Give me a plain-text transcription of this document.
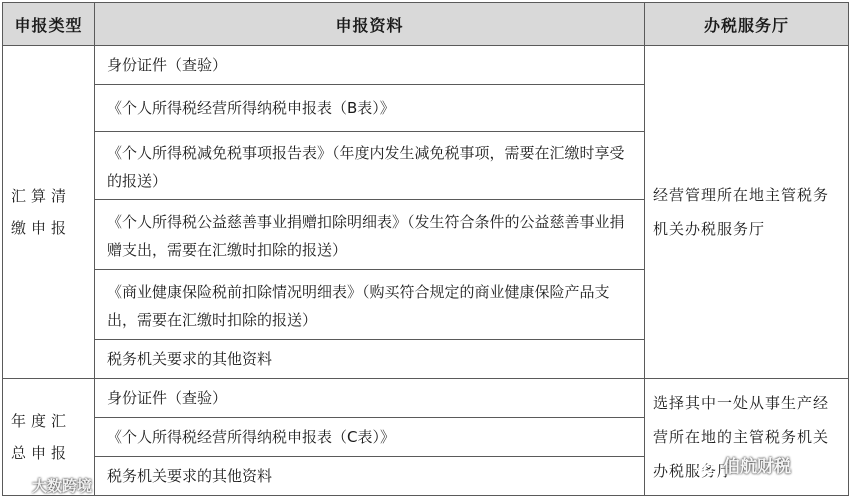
申报类型	申报资料	办税服务厅
汇算清缴申报	身份证件（查验）	经营管理所在地主管税务机关办税服务厅
	《个人所得税经营所得纳税申报表（B表）》	
	《个人所得税减免税事项报告表》（年度内发生减免税事项，需要在汇缴时享受的报送）	
	《个人所得税公益慈善事业捐赠扣除明细表》（发生符合条件的公益慈善事业捐赠支出，需要在汇缴时扣除的报送）	
	《商业健康保险税前扣除情况明细表》（购买符合规定的商业健康保险产品支出，需要在汇缴时扣除的报送）	
	税务机关要求的其他资料	
年度汇总申报	身份证件（查验）	选择其中一处从事生产经营所在地的主管税务机关办税服务厅
	《个人所得税经营所得纳税申报表（C表）》	
	税务机关要求的其他资料	
大数跨境
伯航财税
